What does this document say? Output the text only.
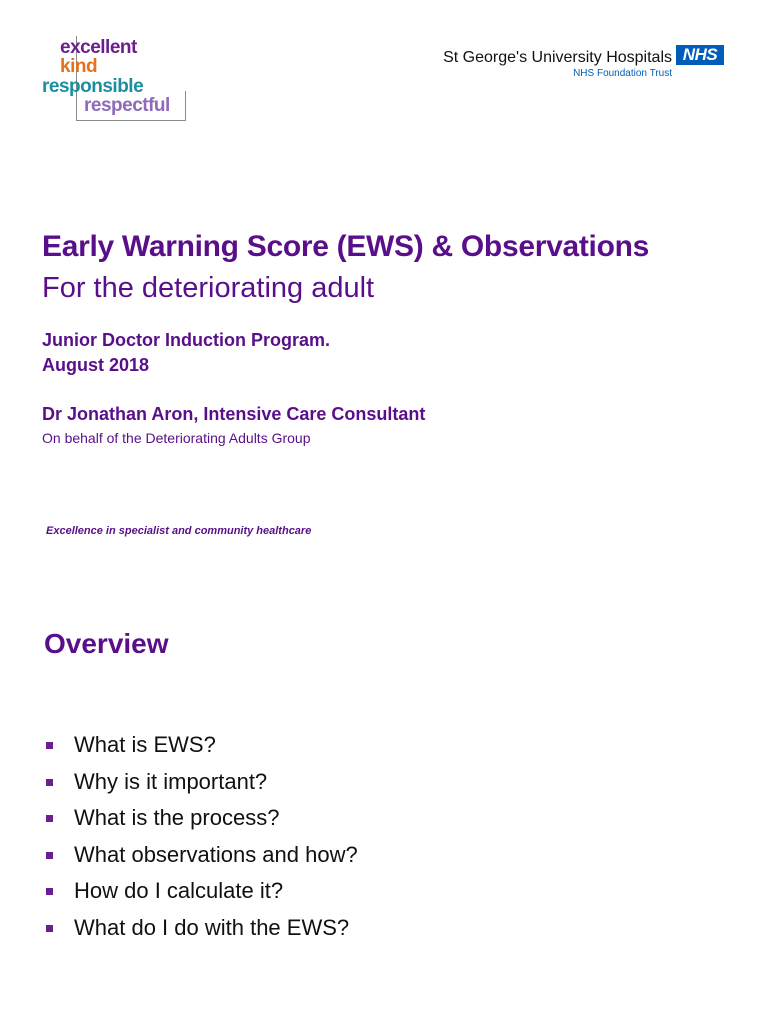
excellent
kind
responsible
respectful
St George's University Hospitals NHS
NHS Foundation Trust
Early Warning Score (EWS) & Observations
For the deteriorating adult
Junior Doctor Induction Program.
August 2018
Dr Jonathan Aron, Intensive Care Consultant
On behalf of the Deteriorating Adults Group
Excellence in specialist and community healthcare
Overview
What is EWS?
Why is it important?
What is the process?
What observations and how?
How do I calculate it?
What do I do with the EWS?
